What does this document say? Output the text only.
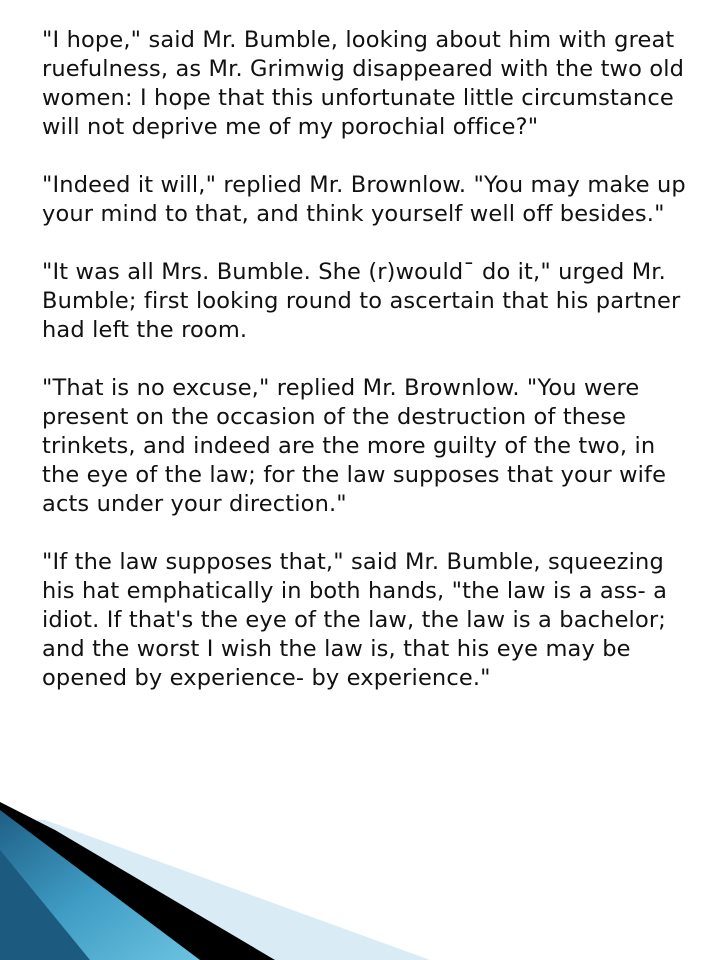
"I hope," said Mr. Bumble, looking about him with great ruefulness, as Mr. Grimwig disappeared with the two old women: I hope that this unfortunate little circumstance will not deprive me of my porochial office?"

"Indeed it will," replied Mr. Brownlow. "You may make up your mind to that, and think yourself well off besides."

"It was all Mrs. Bumble. She (r)would¯ do it," urged Mr. Bumble; first looking round to ascertain that his partner had left the room.

"That is no excuse," replied Mr. Brownlow. "You were present on the occasion of the destruction of these trinkets, and indeed are the more guilty of the two, in the eye of the law; for the law supposes that your wife acts under your direction."

"If the law supposes that," said Mr. Bumble, squeezing his hat emphatically in both hands, "the law is a ass- a idiot. If that's the eye of the law, the law is a bachelor; and the worst I wish the law is, that his eye may be opened by experience- by experience."
